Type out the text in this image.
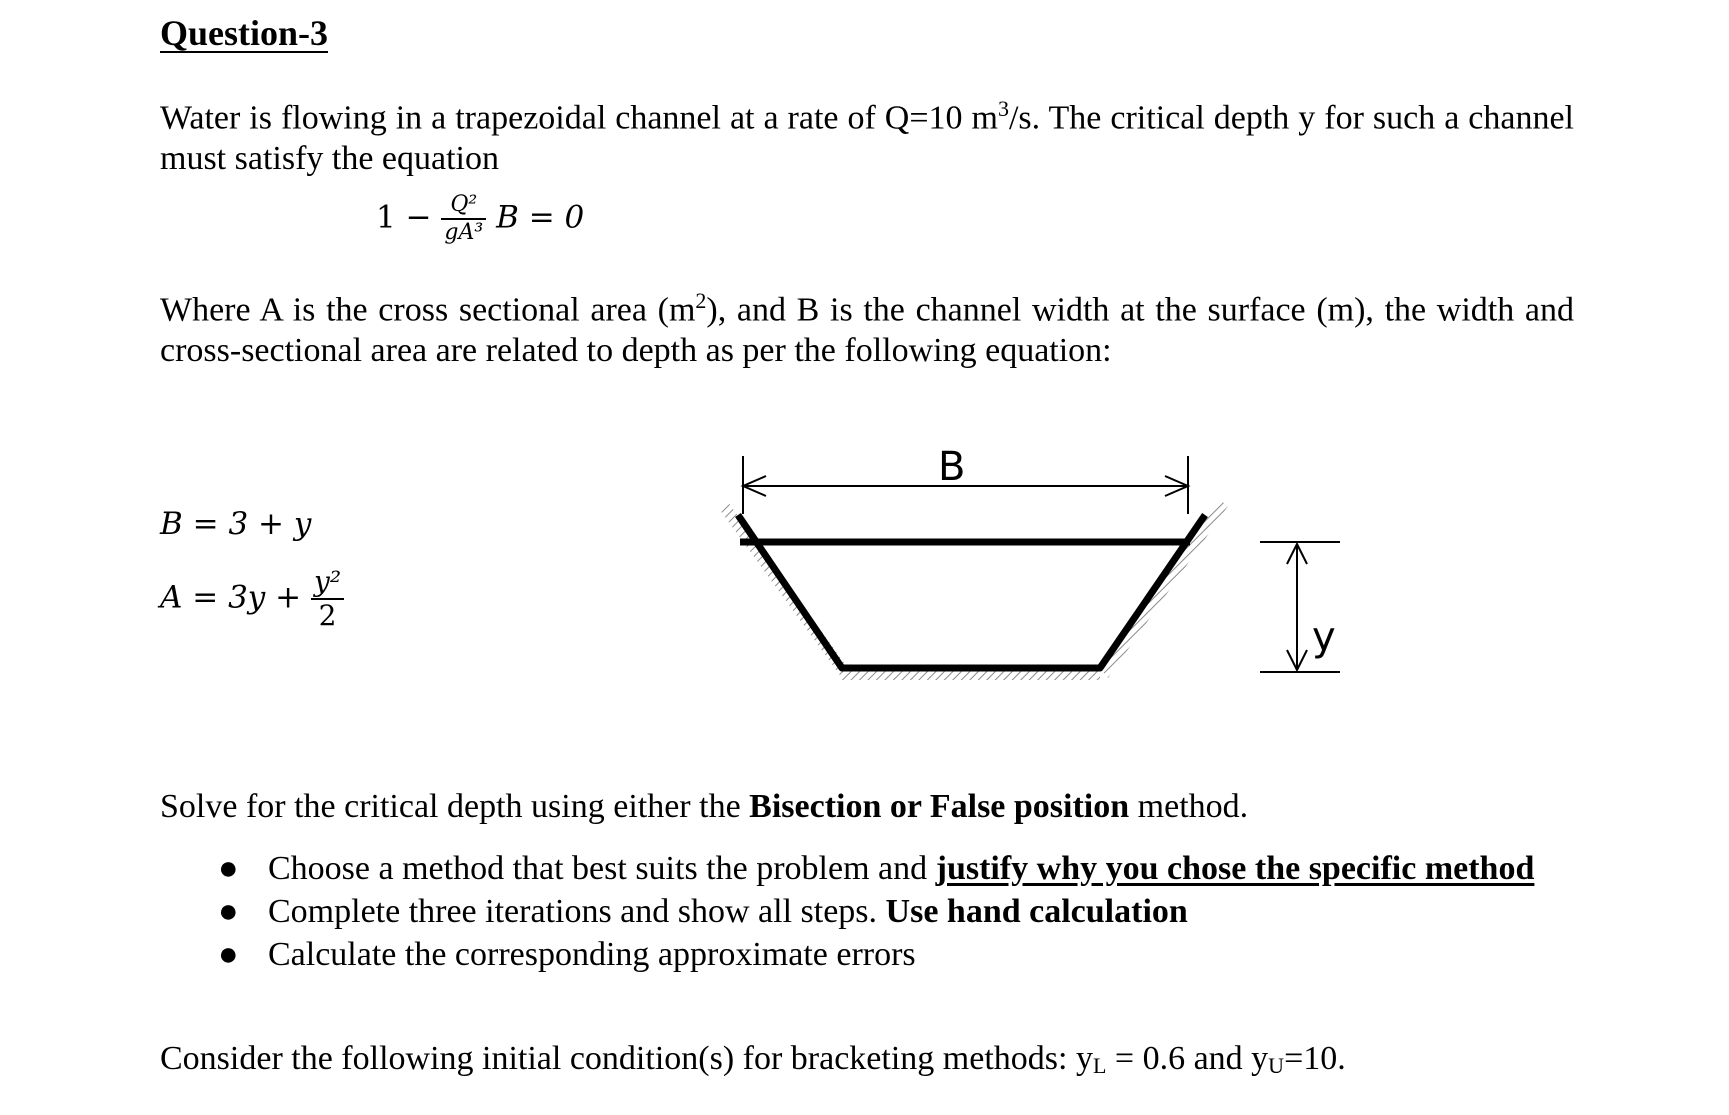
Question-3
Water is flowing in a trapezoidal channel at a rate of Q=10 $m^3/s$. The critical depth y for such a channel must satisfy the equation
$1 - \frac{\text{Q²}}{\text{gA³}}$ B = 0
Where A is the cross sectional area $(m^2)$, and B is the channel width at the surface (m), the width and cross-sectional area are related to depth as per the following equation:
B = 3 + y
$A = 3y + \frac{\text{y²}}{2}$
B
y
Solve for the critical depth using either the Bisection or False position method.
● Choose a method that best suits the problem and justify why you chose the specific method
● Complete three iterations and show all steps. Use hand calculation
● Calculate the corresponding approximate errors
Consider the following initial condition(s) for bracketing methods: $y_L = 0.6$ and $y_U=10$.
